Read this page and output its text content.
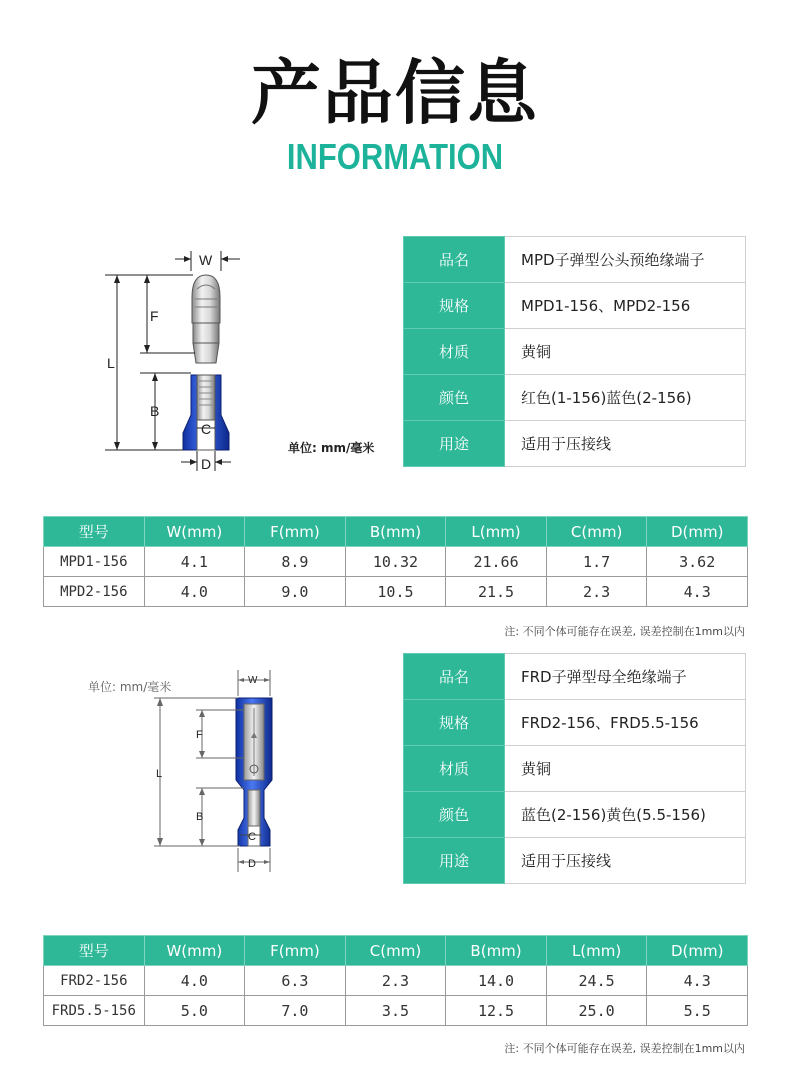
产品信息
INFORMATION
W
L
F
B
C
D
单位: mm/毫米
品名	MPD子弹型公头预绝缘端子
规格	MPD1-156、MPD2-156
材质	黄铜
颜色	红色(1-156)蓝色(2-156)
用途	适用于压接线
型号	W(mm)	F(mm)	B(mm)	L(mm)	C(mm)	D(mm)
MPD1-156	4.1	8.9	10.32	21.66	1.7	3.62
MPD2-156	4.0	9.0	10.5	21.5	2.3	4.3
注: 不同个体可能存在误差, 误差控制在1mm以内
单位: mm/毫米	W
L
F
B
C
D
品名	FRD子弹型母全绝缘端子
规格	FRD2-156、FRD5.5-156
材质	黄铜
颜色	蓝色(2-156)黄色(5.5-156)
用途	适用于压接线
型号	W(mm)	F(mm)	C(mm)	B(mm)	L(mm)	D(mm)
FRD2-156	4.0	6.3	2.3	14.0	24.5	4.3
FRD5.5-156	5.0	7.0	3.5	12.5	25.0	5.5
注: 不同个体可能存在误差, 误差控制在1mm以内
